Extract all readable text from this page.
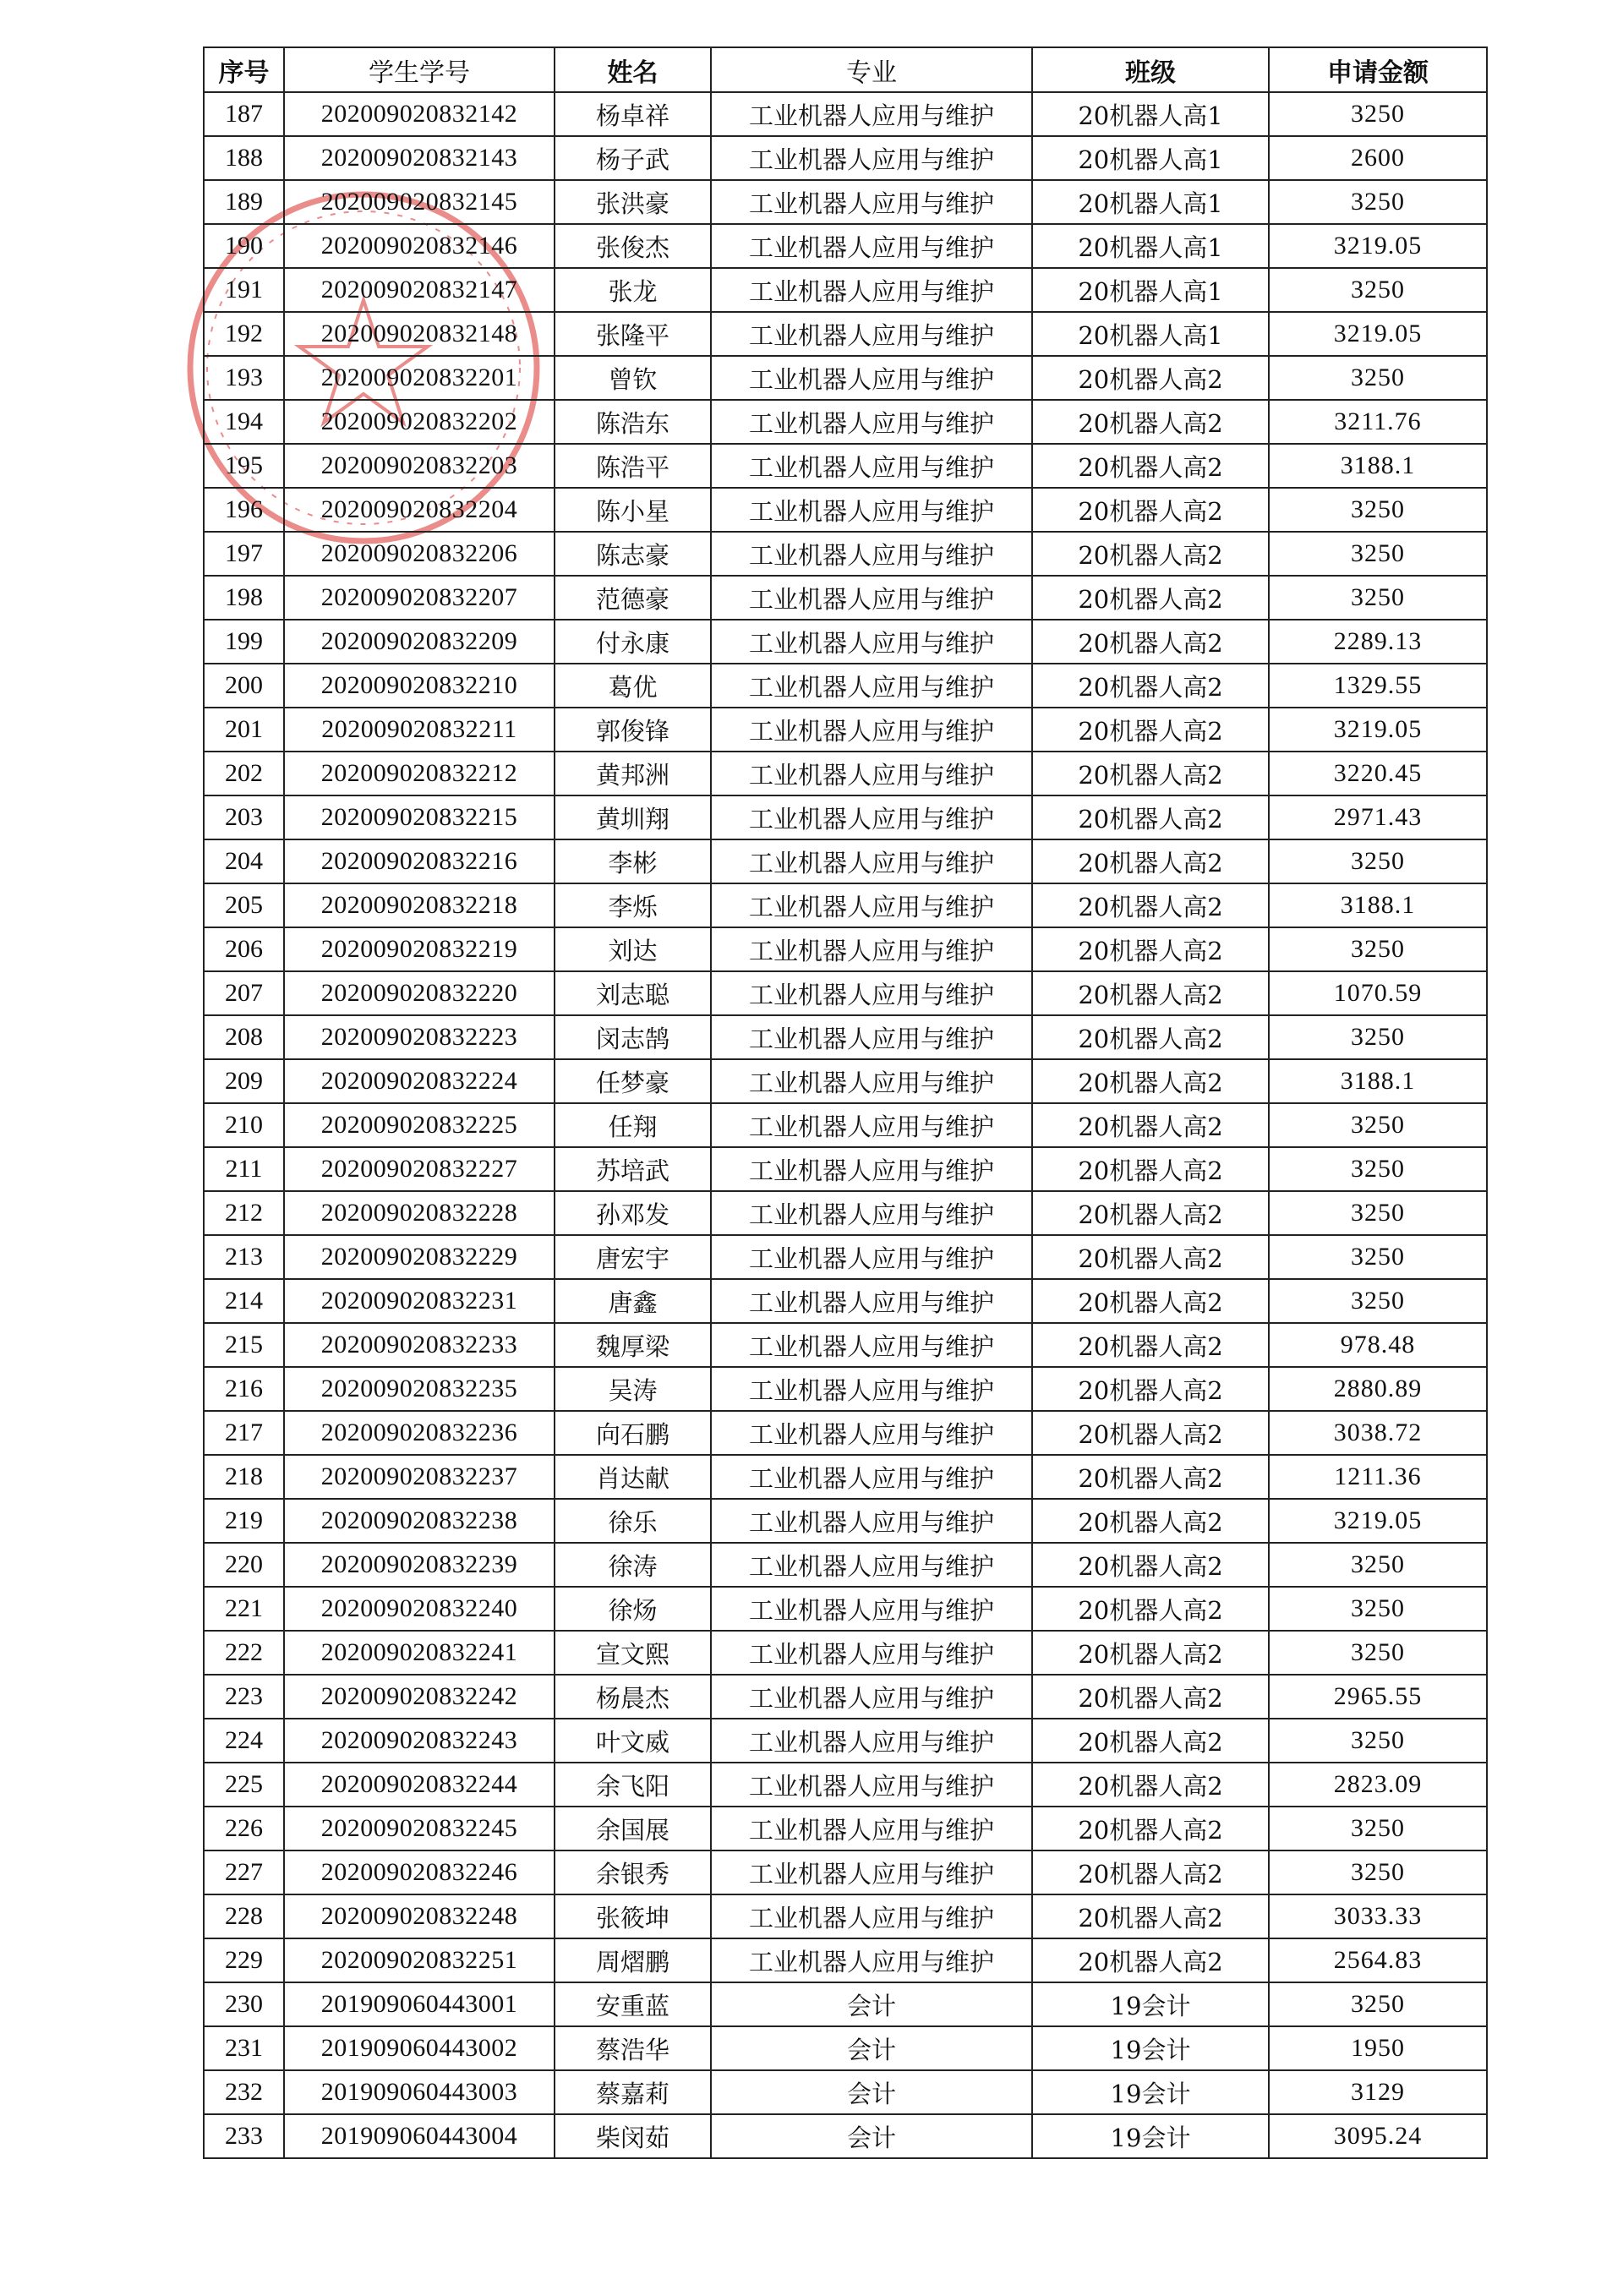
序号	学生学号	姓名	专业	班级	申请金额
187	202009020832142	杨卓祥	工业机器人应用与维护	20机器人高1	3250
188	202009020832143	杨子武	工业机器人应用与维护	20机器人高1	2600
189	202009020832145	张洪豪	工业机器人应用与维护	20机器人高1	3250
190	202009020832146	张俊杰	工业机器人应用与维护	20机器人高1	3219.05
191	202009020832147	张龙	工业机器人应用与维护	20机器人高1	3250
192	202009020832148	张隆平	工业机器人应用与维护	20机器人高1	3219.05
193	202009020832201	曾钦	工业机器人应用与维护	20机器人高2	3250
194	202009020832202	陈浩东	工业机器人应用与维护	20机器人高2	3211.76
195	202009020832203	陈浩平	工业机器人应用与维护	20机器人高2	3188.1
196	202009020832204	陈小星	工业机器人应用与维护	20机器人高2	3250
197	202009020832206	陈志豪	工业机器人应用与维护	20机器人高2	3250
198	202009020832207	范德豪	工业机器人应用与维护	20机器人高2	3250
199	202009020832209	付永康	工业机器人应用与维护	20机器人高2	2289.13
200	202009020832210	葛优	工业机器人应用与维护	20机器人高2	1329.55
201	202009020832211	郭俊锋	工业机器人应用与维护	20机器人高2	3219.05
202	202009020832212	黄邦洲	工业机器人应用与维护	20机器人高2	3220.45
203	202009020832215	黄圳翔	工业机器人应用与维护	20机器人高2	2971.43
204	202009020832216	李彬	工业机器人应用与维护	20机器人高2	3250
205	202009020832218	李烁	工业机器人应用与维护	20机器人高2	3188.1
206	202009020832219	刘达	工业机器人应用与维护	20机器人高2	3250
207	202009020832220	刘志聪	工业机器人应用与维护	20机器人高2	1070.59
208	202009020832223	闵志鹄	工业机器人应用与维护	20机器人高2	3250
209	202009020832224	任梦豪	工业机器人应用与维护	20机器人高2	3188.1
210	202009020832225	任翔	工业机器人应用与维护	20机器人高2	3250
211	202009020832227	苏培武	工业机器人应用与维护	20机器人高2	3250
212	202009020832228	孙邓发	工业机器人应用与维护	20机器人高2	3250
213	202009020832229	唐宏宇	工业机器人应用与维护	20机器人高2	3250
214	202009020832231	唐鑫	工业机器人应用与维护	20机器人高2	3250
215	202009020832233	魏厚梁	工业机器人应用与维护	20机器人高2	978.48
216	202009020832235	吴涛	工业机器人应用与维护	20机器人高2	2880.89
217	202009020832236	向石鹏	工业机器人应用与维护	20机器人高2	3038.72
218	202009020832237	肖达献	工业机器人应用与维护	20机器人高2	1211.36
219	202009020832238	徐乐	工业机器人应用与维护	20机器人高2	3219.05
220	202009020832239	徐涛	工业机器人应用与维护	20机器人高2	3250
221	202009020832240	徐炀	工业机器人应用与维护	20机器人高2	3250
222	202009020832241	宣文熙	工业机器人应用与维护	20机器人高2	3250
223	202009020832242	杨晨杰	工业机器人应用与维护	20机器人高2	2965.55
224	202009020832243	叶文威	工业机器人应用与维护	20机器人高2	3250
225	202009020832244	余飞阳	工业机器人应用与维护	20机器人高2	2823.09
226	202009020832245	余国展	工业机器人应用与维护	20机器人高2	3250
227	202009020832246	余银秀	工业机器人应用与维护	20机器人高2	3250
228	202009020832248	张筱坤	工业机器人应用与维护	20机器人高2	3033.33
229	202009020832251	周熠鹏	工业机器人应用与维护	20机器人高2	2564.83
230	201909060443001	安重蓝	会计	19会计	3250
231	201909060443002	蔡浩华	会计	19会计	1950
232	201909060443003	蔡嘉莉	会计	19会计	3129
233	201909060443004	柴闵茹	会计	19会计	3095.24
